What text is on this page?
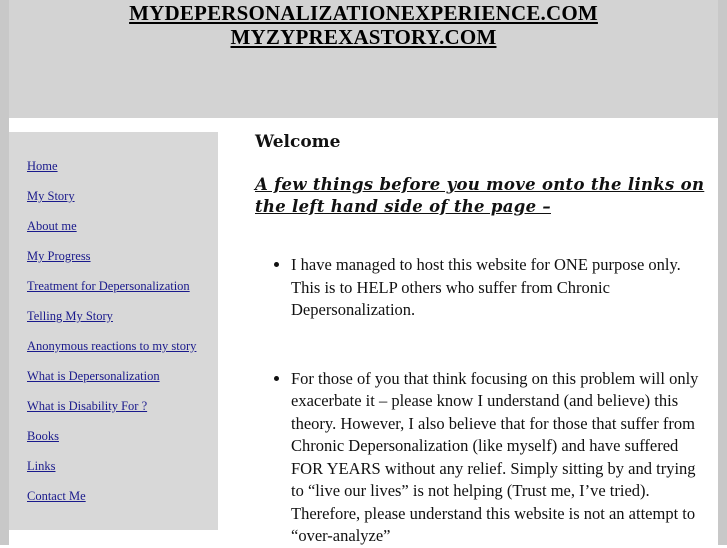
MYDEPERSONALIZATIONEXPERIENCE.COM
MYZYPREXASTORY.COM
Home
My Story
About me
My Progress
Treatment for Depersonalization
Telling My Story
Anonymous reactions to my story
What is Depersonalization
What is Disability For ?
Books
Links
Contact Me
Welcome

A few things before you move onto the links on the left hand side of the page –

• I have managed to host this website for ONE purpose only. This is to HELP others who suffer from Chronic Depersonalization.
• For those of you that think focusing on this problem will only exacerbate it – please know I understand (and believe) this theory. However, I also believe that for those that suffer from Chronic Depersonalization (like myself) and have suffered FOR YEARS without any relief. Simply sitting by and trying to “live our lives” is not helping (Trust me, I’ve tried). Therefore, please understand this website is not an attempt to “over-analyze”
